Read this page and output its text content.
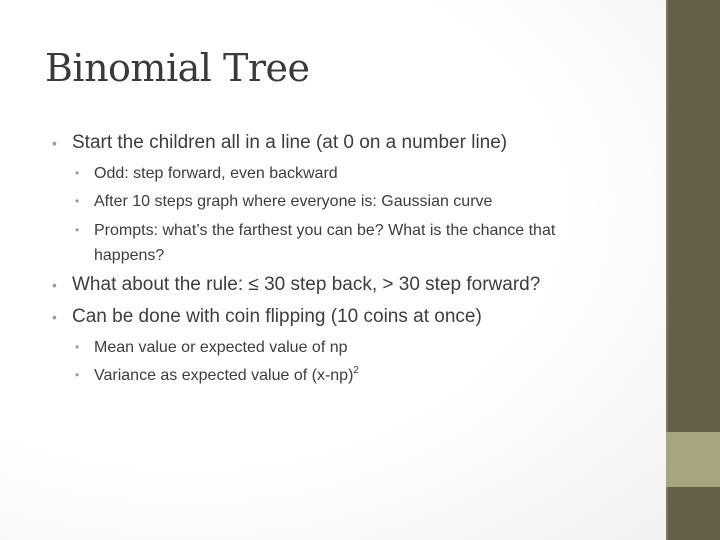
Binomial Tree
• Start the children all in a line (at 0 on a number line)
• Odd: step forward, even backward
• After 10 steps graph where everyone is: Gaussian curve
• Prompts: what’s the farthest you can be? What is the chance that
happens?
• What about the rule: ≤ 30 step back, > 30 step forward?
• Can be done with coin flipping (10 coins at once)
• Mean value or expected value of np
• Variance as expected value of $(x-np)^2$
